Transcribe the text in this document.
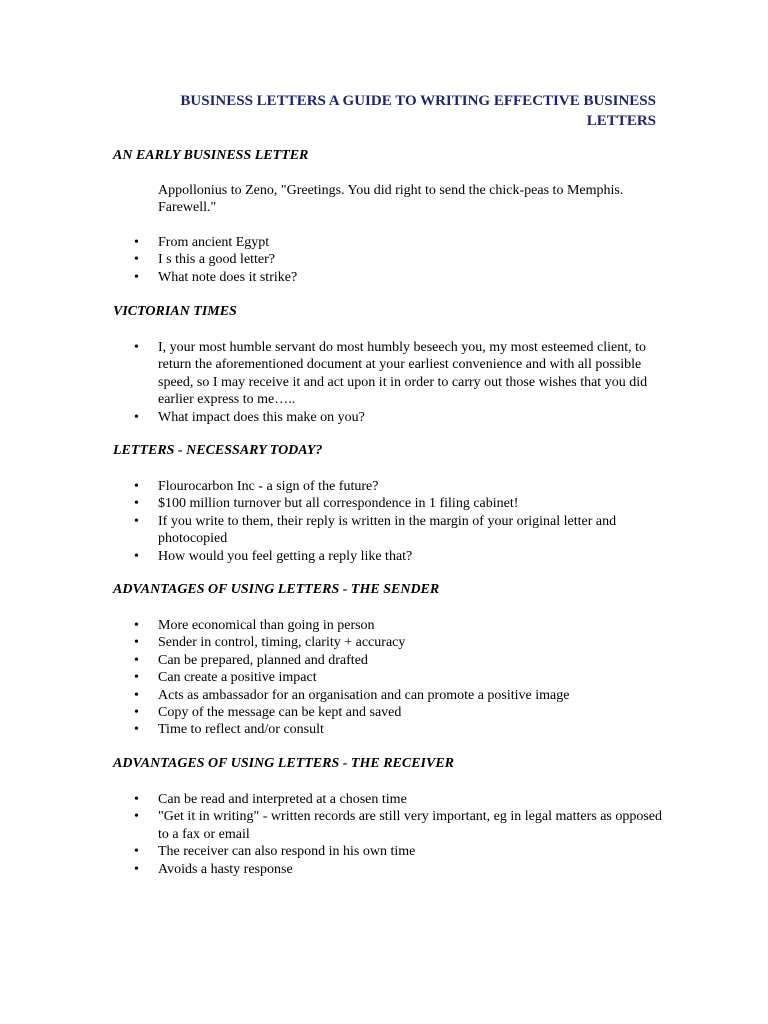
BUSINESS LETTERS A GUIDE TO WRITING EFFECTIVE BUSINESS LETTERS
AN EARLY BUSINESS LETTER

Appollonius to Zeno, "Greetings. You did right to send the chick-peas to Memphis. Farewell."

• From ancient Egypt
• I s this a good letter?
• What note does it strike?
VICTORIAN TIMES
• I, your most humble servant do most humbly beseech you, my most esteemed client, to return the aforementioned document at your earliest convenience and with all possible speed, so I may receive it and act upon it in order to carry out those wishes that you did earlier express to me…..
• What impact does this make on you?
LETTERS - NECESSARY TODAY?
• Flourocarbon Inc - a sign of the future?
• $100 million turnover but all correspondence in 1 filing cabinet!
• If you write to them, their reply is written in the margin of your original letter and photocopied
• How would you feel getting a reply like that?
ADVANTAGES OF USING LETTERS - THE SENDER
• More economical than going in person
• Sender in control, timing, clarity + accuracy
• Can be prepared, planned and drafted
• Can create a positive impact
• Acts as ambassador for an organisation and can promote a positive image
• Copy of the message can be kept and saved
• Time to reflect and/or consult
ADVANTAGES OF USING LETTERS - THE RECEIVER
• Can be read and interpreted at a chosen time
• "Get it in writing" - written records are still very important, eg in legal matters as opposed to a fax or email
• The receiver can also respond in his own time
• Avoids a hasty response
